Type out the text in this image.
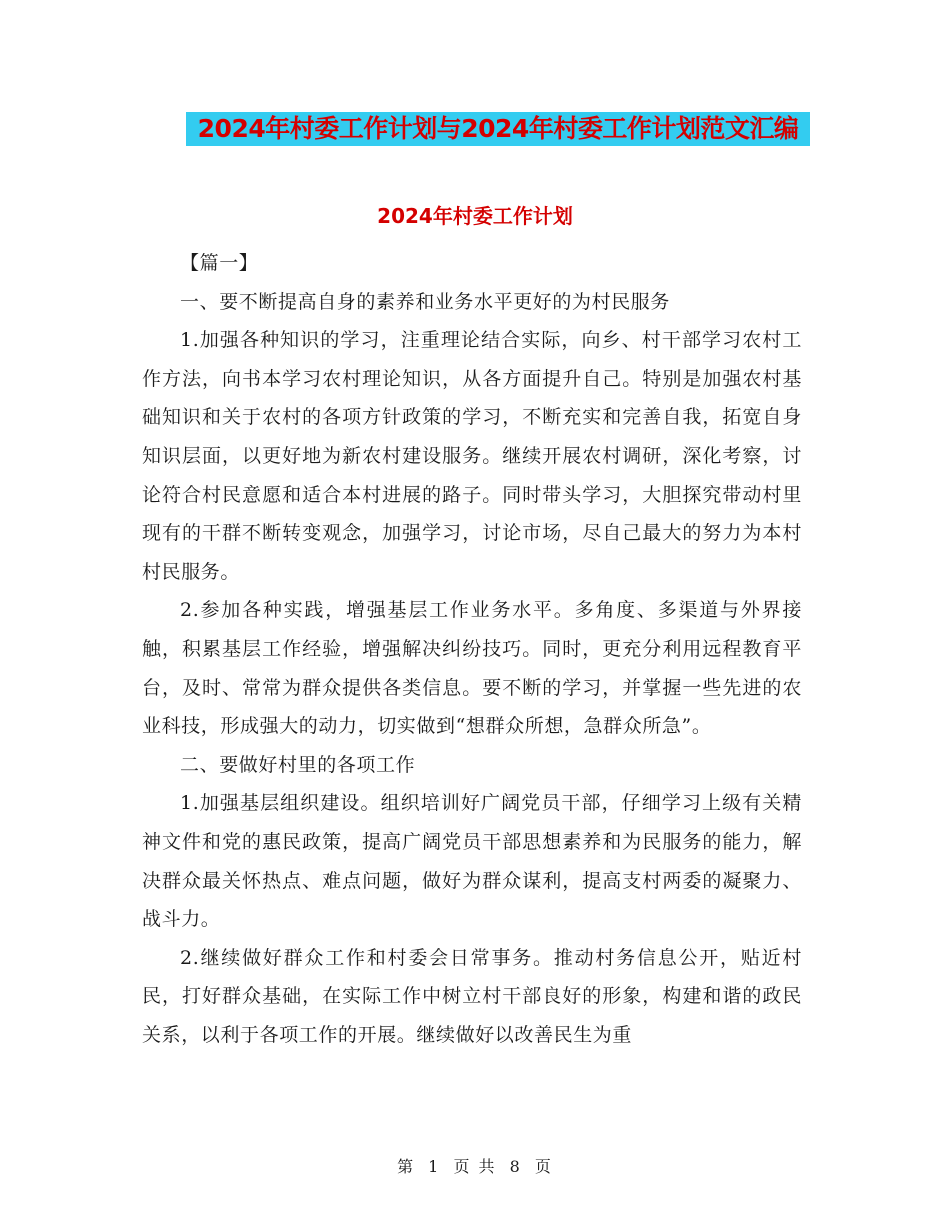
2024年村委工作计划与2024年村委工作计划范文汇编
2024年村委工作计划

【篇一】

一、要不断提高自身的素养和业务水平更好的为村民服务

1.加强各种知识的学习，注重理论结合实际，向乡、村干部学习农村工作方法，向书本学习农村理论知识，从各方面提升自己。特别是加强农村基础知识和关于农村的各项方针政策的学习，不断充实和完善自我，拓宽自身知识层面，以更好地为新农村建设服务。继续开展农村调研，深化考察，讨论符合村民意愿和适合本村进展的路子。同时带头学习，大胆探究带动村里现有的干群不断转变观念，加强学习，讨论市场，尽自己最大的努力为本村村民服务。

2.参加各种实践，增强基层工作业务水平。多角度、多渠道与外界接触，积累基层工作经验，增强解决纠纷技巧。同时，更充分利用远程教育平台，及时、常常为群众提供各类信息。要不断的学习，并掌握一些先进的农业科技，形成强大的动力，切实做到“想群众所想，急群众所急”。

二、要做好村里的各项工作

1.加强基层组织建设。组织培训好广阔党员干部，仔细学习上级有关精神文件和党的惠民政策，提高广阔党员干部思想素养和为民服务的能力，解决群众最关怀热点、难点问题，做好为群众谋利，提高支村两委的凝聚力、战斗力。

2.继续做好群众工作和村委会日常事务。推动村务信息公开，贴近村民，打好群众基础，在实际工作中树立村干部良好的形象，构建和谐的政民关系，以利于各项工作的开展。继续做好以改善民生为重

第 1 页 共 8 页
